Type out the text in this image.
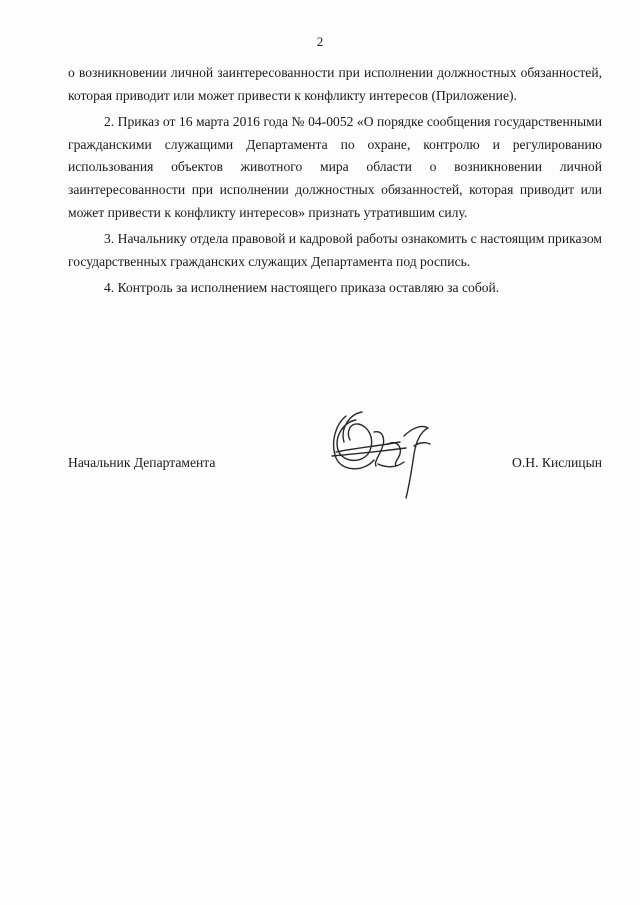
2

о возникновении личной заинтересованности при исполнении должностных обязанностей, которая приводит или может привести к конфликту интересов (Приложение).

2. Приказ от 16 марта 2016 года № 04-0052 «О порядке сообщения государственными гражданскими служащими Департамента по охране, контролю и регулированию использования объектов животного мира области о возникновении личной заинтересованности при исполнении должностных обязанностей, которая приводит или может привести к конфликту интересов» признать утратившим силу.

3. Начальнику отдела правовой и кадровой работы ознакомить с настоящим приказом государственных гражданских служащих Департамента под роспись.

4. Контроль за исполнением настоящего приказа оставляю за собой.

Начальник Департамента	О.Н. Кислицын
